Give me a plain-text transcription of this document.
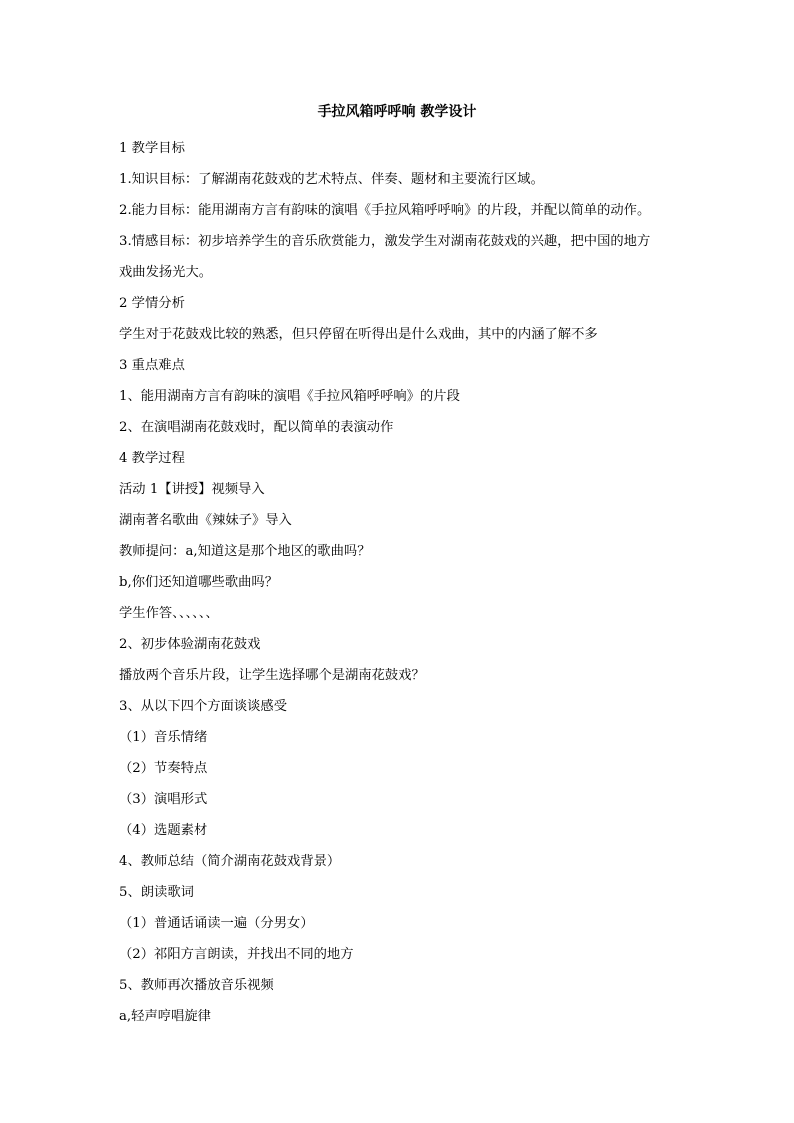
手拉风箱呼呼响 教学设计
1 教学目标
1.知识目标：了解湖南花鼓戏的艺术特点、伴奏、题材和主要流行区域。
2.能力目标：能用湖南方言有韵味的演唱《手拉风箱呼呼响》的片段，并配以简单的动作。
3.情感目标：初步培养学生的音乐欣赏能力，激发学生对湖南花鼓戏的兴趣，把中国的地方
戏曲发扬光大。
2 学情分析
学生对于花鼓戏比较的熟悉，但只停留在听得出是什么戏曲，其中的内涵了解不多
3 重点难点
1、能用湖南方言有韵味的演唱《手拉风箱呼呼响》的片段
2、在演唱湖南花鼓戏时，配以简单的表演动作
4 教学过程
活动 1【讲授】视频导入
湖南著名歌曲《辣妹子》导入
教师提问：a,知道这是那个地区的歌曲吗？
b,你们还知道哪些歌曲吗？
学生作答、、、、、、
2、初步体验湖南花鼓戏
播放两个音乐片段，让学生选择哪个是湖南花鼓戏？
3、从以下四个方面谈谈感受
（1）音乐情绪
（2）节奏特点
（3）演唱形式
（4）选题素材
4、教师总结（简介湖南花鼓戏背景）
5、朗读歌词
（1）普通话诵读一遍（分男女）
（2）祁阳方言朗读，并找出不同的地方
5、教师再次播放音乐视频
a,轻声哼唱旋律
